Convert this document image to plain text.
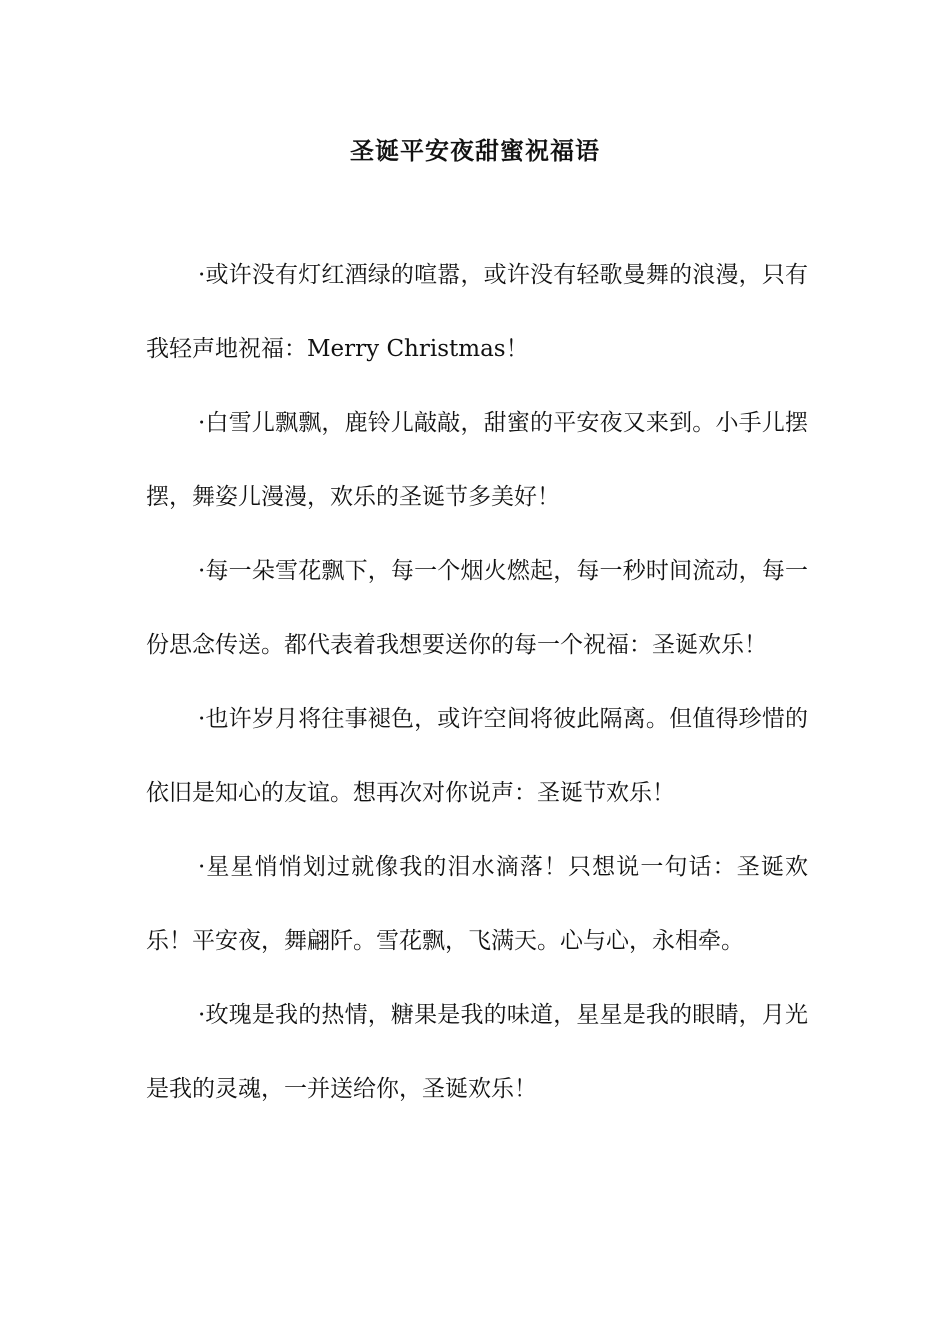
圣诞平安夜甜蜜祝福语

·或许没有灯红酒绿的喧嚣，或许没有轻歌曼舞的浪漫，只有我轻声地祝福：Merry Christmas！

·白雪儿飘飘，鹿铃儿敲敲，甜蜜的平安夜又来到。小手儿摆摆，舞姿儿漫漫，欢乐的圣诞节多美好！

·每一朵雪花飘下，每一个烟火燃起，每一秒时间流动，每一份思念传送。都代表着我想要送你的每一个祝福：圣诞欢乐！

·也许岁月将往事褪色，或许空间将彼此隔离。但值得珍惜的依旧是知心的友谊。想再次对你说声：圣诞节欢乐！

·星星悄悄划过就像我的泪水滴落！只想说一句话：圣诞欢乐！平安夜，舞翩阡。雪花飘，飞满天。心与心，永相牵。

·玫瑰是我的热情，糖果是我的味道，星星是我的眼睛，月光是我的灵魂，一并送给你，圣诞欢乐！
